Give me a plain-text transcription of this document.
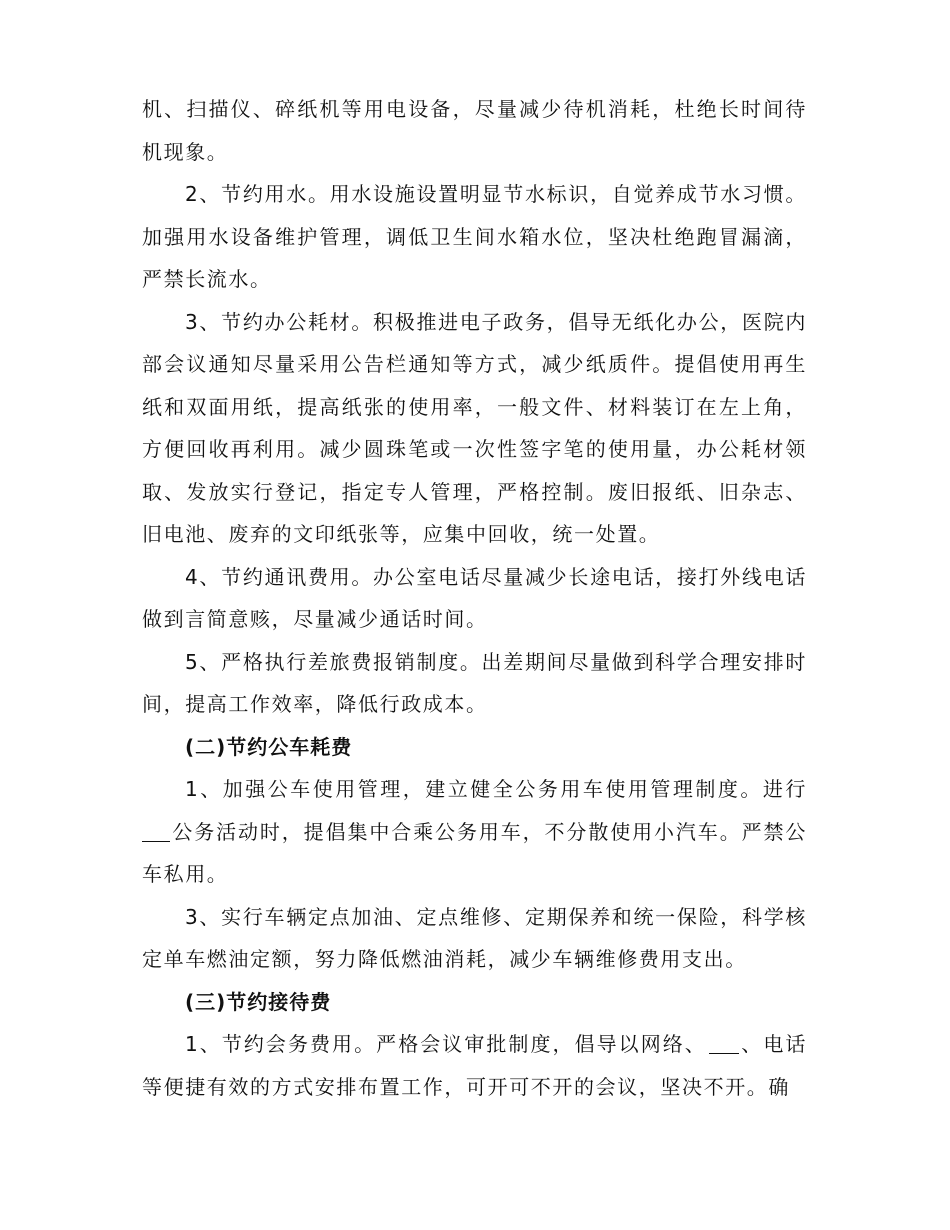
机、扫描仪、碎纸机等用电设备，尽量减少待机消耗，杜绝长时间待机现象。

2、节约用水。用水设施设置明显节水标识，自觉养成节水习惯。加强用水设备维护管理，调低卫生间水箱水位，坚决杜绝跑冒漏滴，严禁长流水。

3、节约办公耗材。积极推进电子政务，倡导无纸化办公，医院内部会议通知尽量采用公告栏通知等方式，减少纸质件。提倡使用再生纸和双面用纸，提高纸张的使用率，一般文件、材料装订在左上角，方便回收再利用。减少圆珠笔或一次性签字笔的使用量，办公耗材领取、发放实行登记，指定专人管理，严格控制。废旧报纸、旧杂志、旧电池、废弃的文印纸张等，应集中回收，统一处置。

4、节约通讯费用。办公室电话尽量减少长途电话，接打外线电话做到言简意赅，尽量减少通话时间。

5、严格执行差旅费报销制度。出差期间尽量做到科学合理安排时间，提高工作效率，降低行政成本。

(二)节约公车耗费

1、加强公车使用管理，建立健全公务用车使用管理制度。进行公务活动时，提倡集中合乘公务用车，不分散使用小汽车。严禁公车私用。

3、实行车辆定点加油、定点维修、定期保养和统一保险，科学核定单车燃油定额，努力降低燃油消耗，减少车辆维修费用支出。

(三)节约接待费

1、节约会务费用。严格会议审批制度，倡导以网络、 、电话等便捷有效的方式安排布置工作，可开可不开的会议，坚决不开。确
